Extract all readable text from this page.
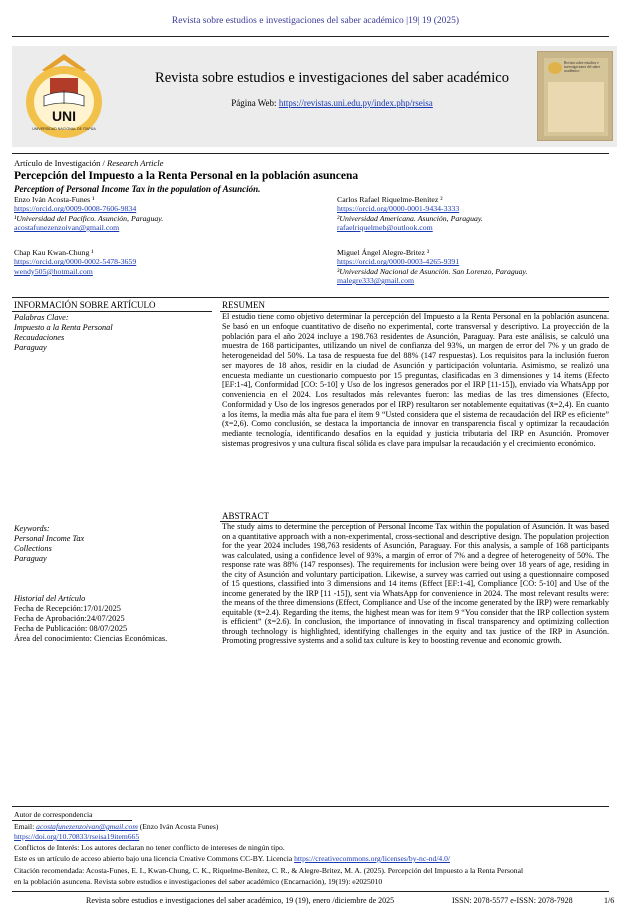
Revista sobre estudios e investigaciones del saber académico |19| 19 (2025)
UNI
UNIVERSIDAD NACIONAL DE ITAPÚA
Revista sobre estudios e investigaciones del saber académico
Página Web: https://revistas.uni.edu.py/index.php/rseisa
Revista sobre estudios e investigaciones del saber académico
Artículo de Investigación / Research Article
Percepción del Impuesto a la Renta Personal en la población asuncena
Perception of Personal Income Tax in the population of Asunción.
Enzo Iván Acosta-Funes ¹
https://orcid.org/0009-0008-7606-9834
¹Universidad del Pacífico. Asunción, Paraguay.
acostafunezenzoivan@gmail.com
Carlos Rafael Riquelme-Benítez ²
https://orcid.org/0000-0001-9434-3333
²Universidad Americana. Asunción, Paraguay.
rafaelriquelmeb@outlook.com
Chap Kau Kwan-Chung ¹
https://orcid.org/0000-0002-5478-3659
wendy505@hotmail.com
Miguel Ángel Alegre-Britez ³
https://orcid.org/0000-0003-4265-9391
³Universidad Nacional de Asunción. San Lorenzo, Paraguay.
malegre333@gmail.com
INFORMACIÓN SOBRE ARTÍCULO	RESUMEN
Palabras Clave:
Impuesto a la Renta Personal
Recaudaciones
Paraguay
El estudio tiene como objetivo determinar la percepción del Impuesto a la Renta Personal en la población asuncena. Se basó en un enfoque cuantitativo de diseño no experimental, corte transversal y descriptivo. La proyección de la población para el año 2024 incluye a 198.763 residentes de Asunción, Paraguay. Para este análisis, se calculó una muestra de 168 participantes, utilizando un nivel de confianza del 93%, un margen de error del 7% y un grado de heterogeneidad del 50%. La tasa de respuesta fue del 88% (147 respuestas). Los requisitos para la inclusión fueron ser mayores de 18 años, residir en la ciudad de Asunción y participación voluntaria. Asimismo, se realizó una encuesta mediante un cuestionario compuesto por 15 preguntas, clasificadas en 3 dimensiones y 14 ítems (Efecto [EF:1-4], Conformidad [CO: 5-10] y Uso de los ingresos generados por el IRP [11-15]), enviado vía WhatsApp por conveniencia en el 2024. Los resultados más relevantes fueron: las medias de las tres dimensiones (Efecto, Conformidad y Uso de los ingresos generados por el IRP) resultaron ser notablemente equitativas (x̄=2,4). En cuanto a los ítems, la media más alta fue para el ítem 9 “Usted considera que el sistema de recaudación del IRP es eficiente” (x̄=2,6). Como conclusión, se destaca la importancia de innovar en transparencia fiscal y optimizar la recaudación mediante tecnología, identificando desafíos en la equidad y justicia tributaria del IRP en Asunción. Promover sistemas progresivos y una cultura fiscal sólida es clave para impulsar la recaudación y el crecimiento económico.
Keywords:
Personal Income Tax
Collections
Paraguay
Historial del Artículo
Fecha de Recepción:17/01/2025
Fecha de Aprobación:24/07/2025
Fecha de Publicación: 08/07/2025
Área del conocimiento: Ciencias Económicas.
ABSTRACT
The study aims to determine the perception of Personal Income Tax within the population of Asunción. It was based on a quantitative approach with a non-experimental, cross-sectional and descriptive design. The population projection for the year 2024 includes 198,763 residents of Asunción, Paraguay. For this analysis, a sample of 168 participants was calculated, using a confidence level of 93%, a margin of error of 7% and a degree of heterogeneity of 50%. The response rate was 88% (147 responses). The requirements for inclusion were being over 18 years of age, residing in the city of Asunción and voluntary participation. Likewise, a survey was carried out using a questionnaire composed of 15 questions, classified into 3 dimensions and 14 items (Effect [EF:1-4], Compliance [CO: 5-10] and Use of the income generated by the IRP [11 -15]), sent via WhatsApp for convenience in 2024. The most relevant results were: the means of the three dimensions (Effect, Compliance and Use of the income generated by the IRP) were remarkably equitable (x̄=2.4). Regarding the items, the highest mean was for item 9 “You consider that the IRP collection system is efficient” (x̄=2.6). In conclusion, the importance of innovating in fiscal transparency and optimizing collection through technology is highlighted, identifying challenges in the equity and tax justice of the IRP in Asunción. Promoting progressive systems and a solid tax culture is key to boosting revenue and economic growth.
Autor de correspondencia
Email: acostafunezenzoivan@gmail.com (Enzo Iván Acosta Funes)
https://doi.org/10.70833/rseisa19item665
Conflictos de Interés: Los autores declaran no tener conflicto de intereses de ningún tipo.
Este es un artículo de acceso abierto bajo una licencia Creative Commons CC-BY. Licencia https://creativecommons.org/licenses/by-nc-nd/4.0/
Citación recomendada: Acosta-Funes, E. I., Kwan-Chung, C. K., Riquelme-Benítez, C. R., & Alegre-Britez, M. A. (2025). Percepción del Impuesto a la Renta Personal
en la población asuncena. Revista sobre estudios e investigaciones del saber académico (Encarnación), 19(19): e2025010
Revista sobre estudios e investigaciones del saber académico, 19 (19), enero /diciembre de 2025	ISSN: 2078-5577 e-ISSN: 2078-7928	1/6
